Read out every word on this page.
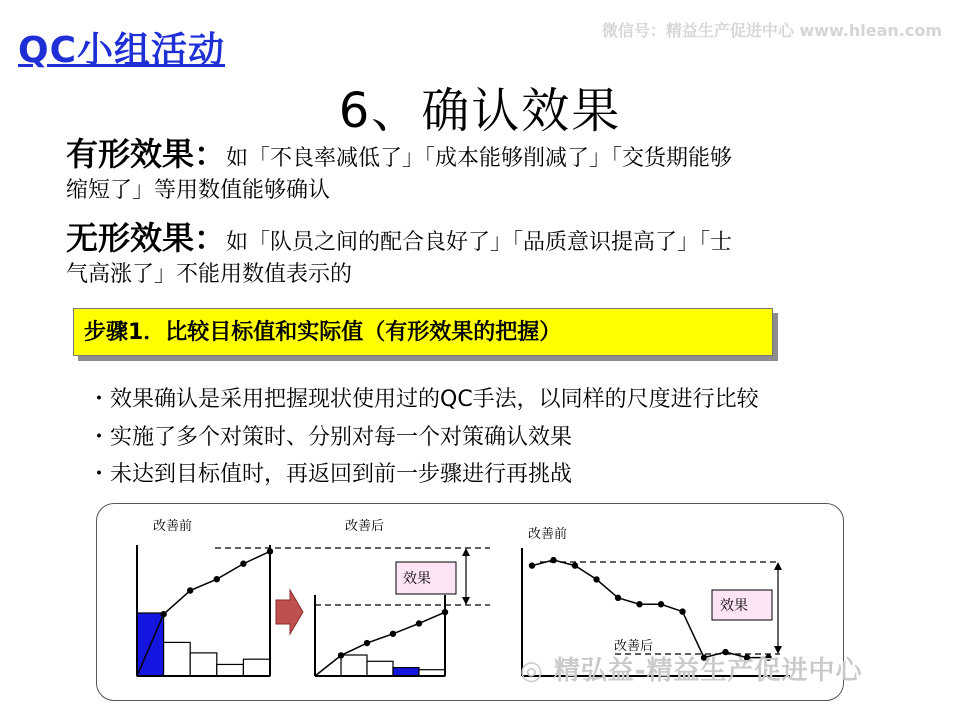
QC小组活动	微信号：精益生产促进中心 www.hlean.com
6、确认效果
有形效果：如「不良率减低了」「成本能够削减了」「交货期能够
缩短了」等用数值能够确认
无形效果：如「队员之间的配合良好了」「品质意识提高了」「士
气高涨了」不能用数值表示的
步骤1．比较目标值和实际值（有形效果的把握）
・效果确认是采用把握现状使用过的QC手法，以同样的尺度进行比较
・实施了多个对策时、分别对每一个对策确认效果
・未达到目标值时，再返回到前一步骤进行再挑战
改善前	改善后
效果
改善前
效果
改善后
◎ 精弘益-精益生产促进中心
